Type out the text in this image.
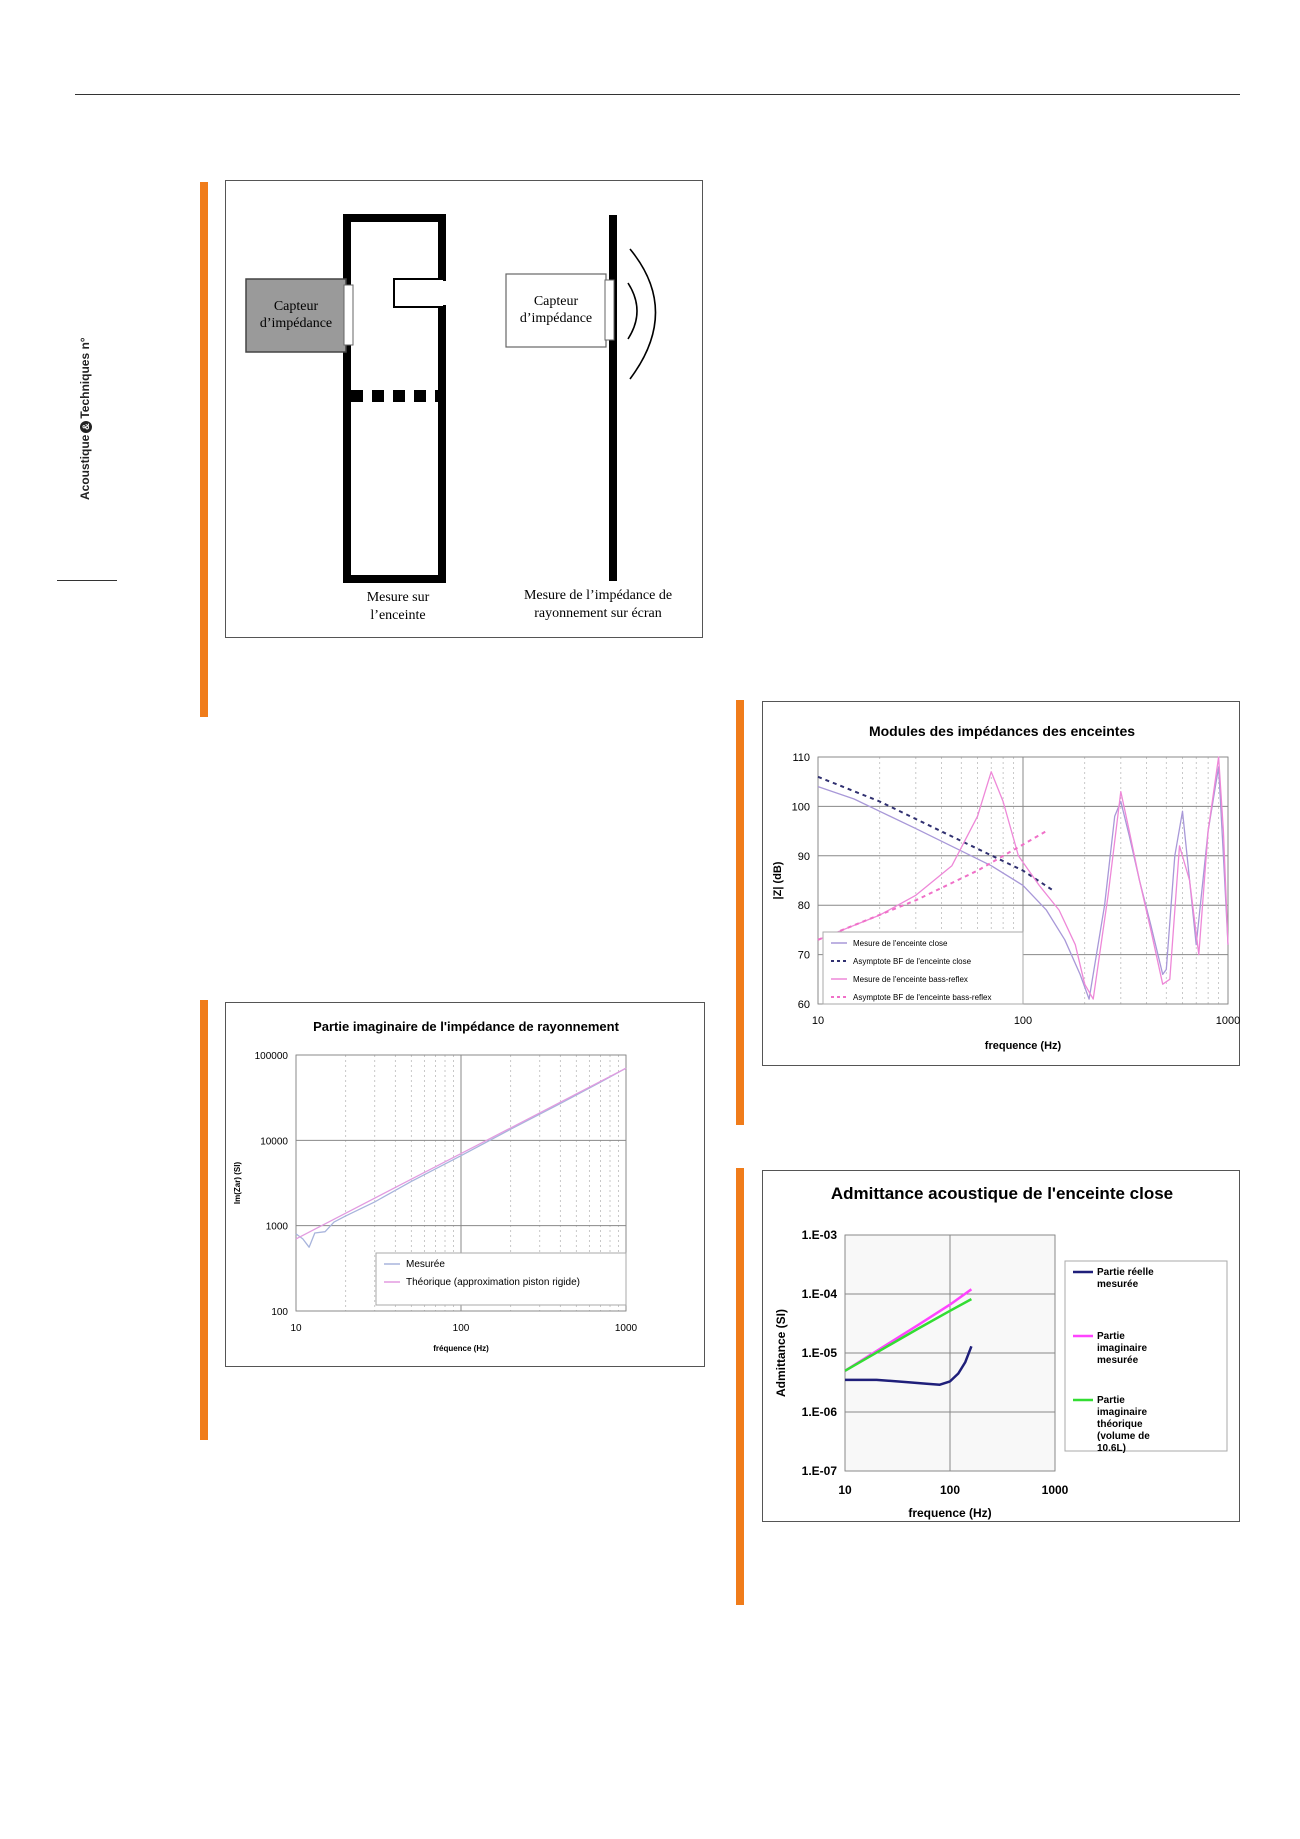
Acoustique&Techniques n°
Capteur
d’impédance
Capteur
d’impédance
Mesure sur
l’enceinte
Mesure de l’impédance de
rayonnement sur écran
10	100	1000
100
1000
10000
100000
Partie imaginaire de l'impédance de rayonnement
fréquence (Hz)
Im(Zar) (SI)
Mesurée
Théorique (approximation piston rigide)
10	100	1000
60
70
80
90
100
110
Modules des impédances des enceintes
frequence (Hz)
|Z| (dB)
Mesure de l'enceinte close
Asymptote BF de l'enceinte close
Mesure de l'enceinte bass-reflex
Asymptote BF de l'enceinte bass-reflex
10	100	1000
1.E-07
1.E-06
1.E-05
1.E-04
1.E-03
Admittance acoustique de l'enceinte close
frequence (Hz)
Admittance (SI)
Partie réelle mesurée
Partie imaginaire mesurée
Partie imaginaire théorique (volume de 10.6L)
